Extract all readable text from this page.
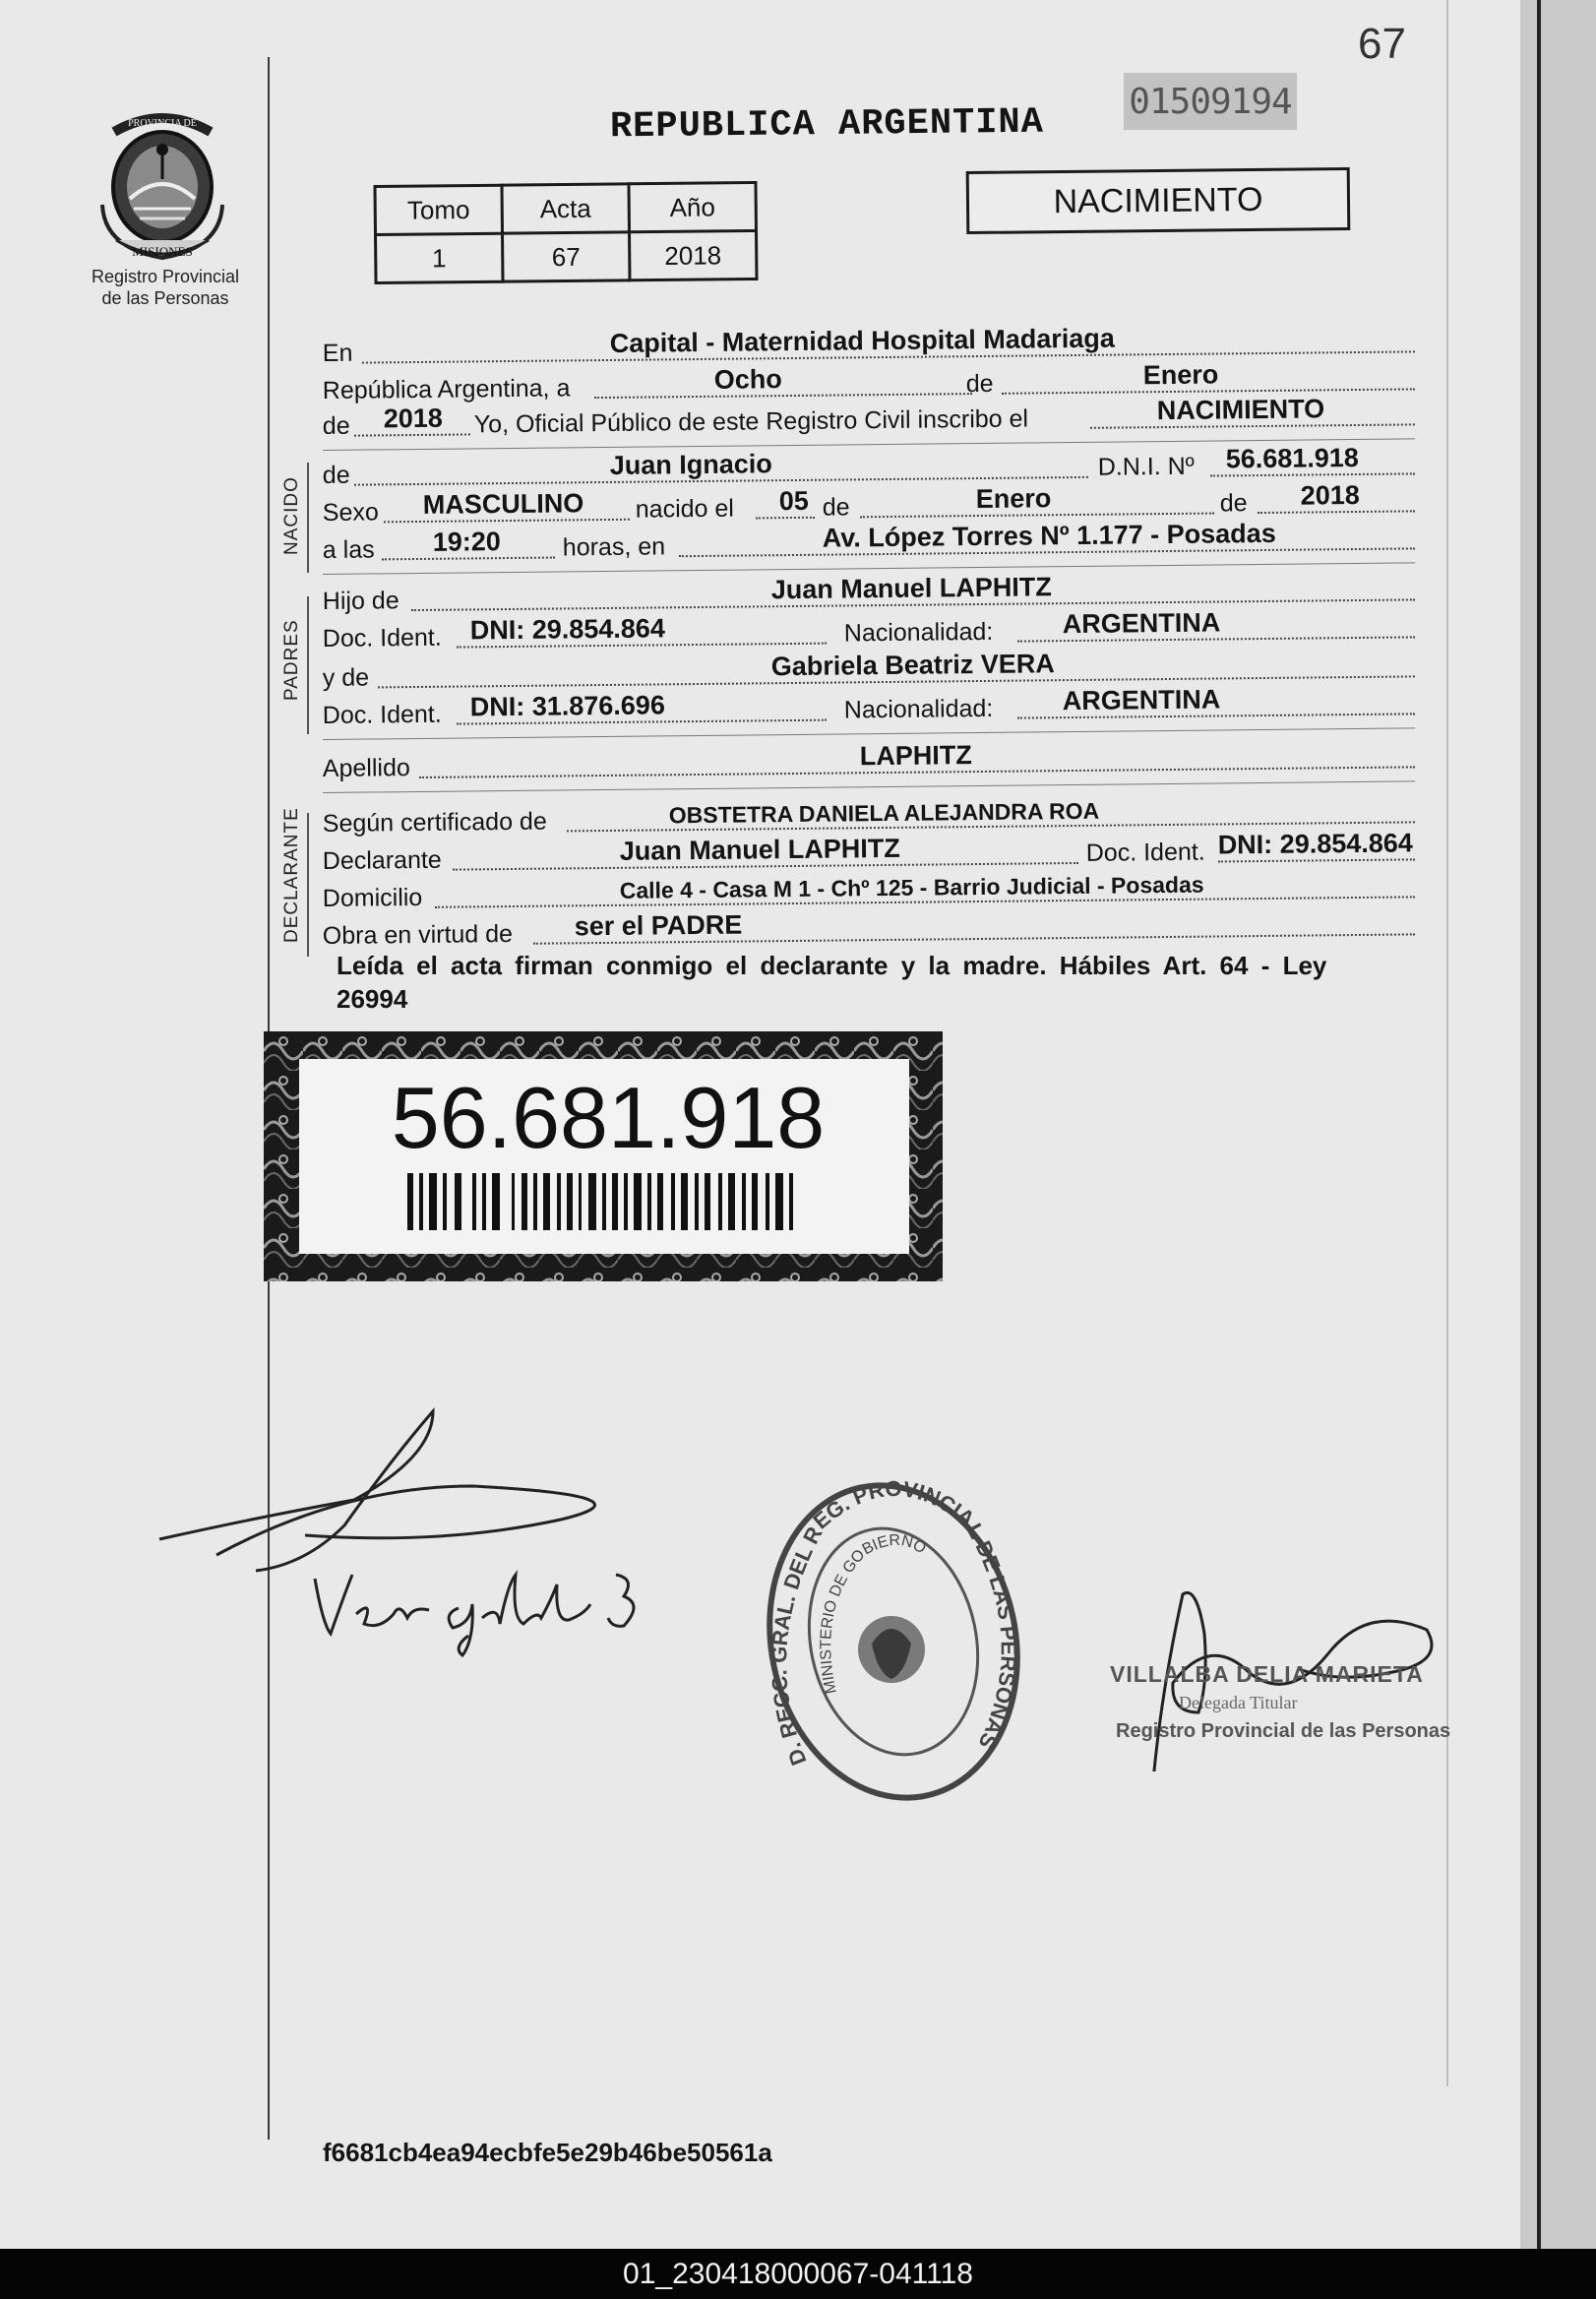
67
01509194
REPUBLICA ARGENTINA
MISIONES
PROVINCIA DE
Registro Provincial
de las Personas
Tomo	Acta	Año
1	67	2018
NACIMIENTO
En	Capital - Maternidad Hospital Madariaga
República Argentina, a	Ocho	de	Enero
de 2018 Yo, Oficial Público de este Registro Civil inscribo el	NACIMIENTO
de	Juan Ignacio	D.N.I. Nº 56.681.918
Sexo MASCULINO nacido el 05 de	Enero	de 2018
a las 19:20	horas, en	Av. López Torres Nº 1.177 - Posadas
Hijo de	Juan Manuel LAPHITZ
Doc. Ident. DNI: 29.854.864	Nacionalidad:	ARGENTINA
y de	Gabriela Beatriz VERA
Doc. Ident. DNI: 31.876.696	Nacionalidad:	ARGENTINA
Apellido	LAPHITZ
Según certificado de	OBSTETRA DANIELA ALEJANDRA ROA
Declarante	Juan Manuel LAPHITZ	Doc. Ident. DNI: 29.854.864
Domicilio	Calle 4 - Casa M 1 - Chº 125 - Barrio Judicial - Posadas
Obra en virtud de ser el PADRE
NACIDO
PADRES
DECLARANTE
Leída el acta firman conmigo el declarante y la madre. Hábiles Art. 64 - Ley 26994
56.681.918
D. RECC. GRAL. DEL REG. PROVINCIAL DE LAS PERSONAS
MINISTERIO DE GOBIERNO
VILLALBA DELIA MARIETA
Delegada Titular
Registro Provincial de las Personas
f6681cb4ea94ecbfe5e29b46be50561a
01_230418000067-041118
